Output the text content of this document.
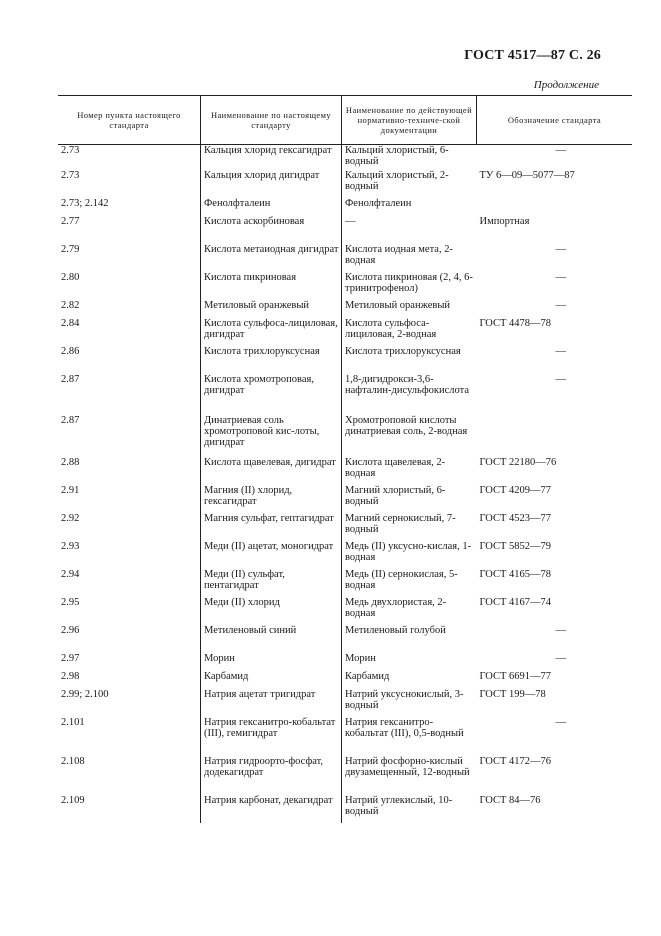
ГОСТ 4517—87 С. 26
Продолжение
Номер пункта настоящего стандарта	Наименование по настоящему стандарту	Наименование по действующей нормативно-техниче-ской документации	Обозначение стандарта
2.73	Кальция хлорид гексагидрат	Кальций хлористый, 6-водный	—

2.73	Кальция хлорид дигидрат	Кальций хлористый, 2-водный	ТУ 6—09—5077—87

2.73; 2.142	Фенолфталеин	Фенолфталеин	

2.77	Кислота аскорбиновая	—	Импортная

2.79	Кислота метаиодная дигидрат	Кислота иодная мета, 2-водная	—

2.80	Кислота пикриновая	Кислота пикриновая (2, 4, 6-тринитрофенол)	—

2.82	Метиловый оранжевый	Метиловый оранжевый	—

2.84	Кислота сульфоса-лициловая, дигидрат	Кислота сульфоса-лициловая, 2-водная	ГОСТ 4478—78

2.86	Кислота трихлоруксусная	Кислота трихлоруксусная	—

2.87	Кислота хромотроповая, дигидрат	1,8-дигидрокси-3,6-нафталин-дисульфокислота	—

2.87	Динатриевая соль хромотроповой кис-лоты, дигидрат	Хромотроповой кислоты динатриевая соль, 2-водная	

2.88	Кислота щавелевая, дигидрат	Кислота щавелевая, 2-водная	ГОСТ 22180—76

2.91	Магния (II) хлорид, гексагидрат	Магний хлористый, 6-водный	ГОСТ 4209—77

2.92	Магния сульфат, гептагидрат	Магний сернокислый, 7-водный	ГОСТ 4523—77

2.93	Меди (II) ацетат, моногидрат	Медь (II) уксусно-кислая, 1-водная	ГОСТ 5852—79

2.94	Меди (II) сульфат, пентагидрат	Медь (II) сернокислая, 5-водная	ГОСТ 4165—78

2.95	Меди (II) хлорид	Медь двухлористая, 2-водная	ГОСТ 4167—74

2.96	Метиленовый синий	Метиленовый голубой	—

2.97	Морин	Морин	—

2.98	Карбамид	Карбамид	ГОСТ 6691—77

2.99; 2.100	Натрия ацетат тригидрат	Натрий уксуснокислый, 3-водный	ГОСТ 199—78

2.101	Натрия гексанитро-кобальтат (III), гемигидрат	Натрия гексанитро-кобальтат (III), 0,5-водный	—

2.108	Натрия гидроорто-фосфат, додекагидрат	Натрий фосфорно-кислый двузамещенный, 12-водный	ГОСТ 4172—76

2.109	Натрия карбонат, декагидрат	Натрий углекислый, 10-водный	ГОСТ 84—76
